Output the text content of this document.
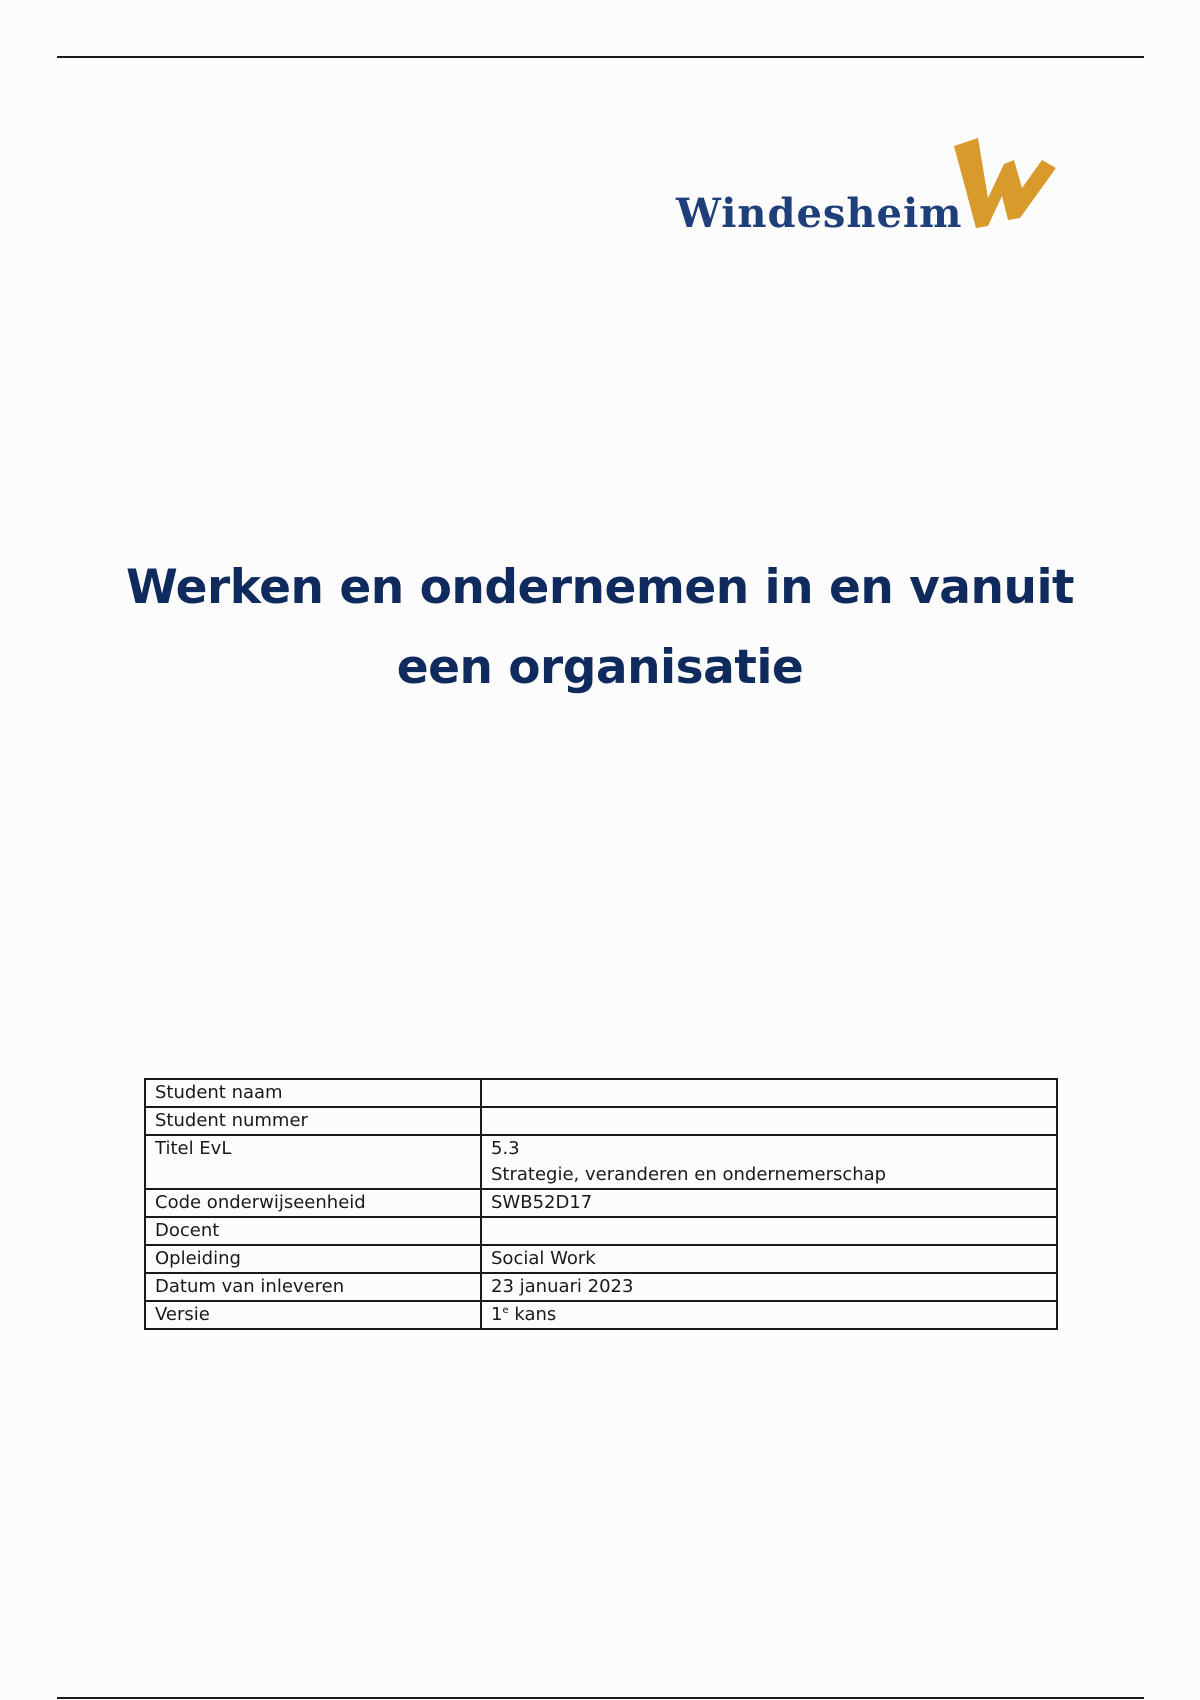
Windesheim
Werken en ondernemen in en vanuit
een organisatie
Student naam	
Student nummer	
Titel EvL	5.3
Strategie, veranderen en ondernemerschap

Code onderwijseenheid	SWB52D17
Docent	
Opleiding	Social Work
Datum van inleveren	23 januari 2023
Versie	1e kans
